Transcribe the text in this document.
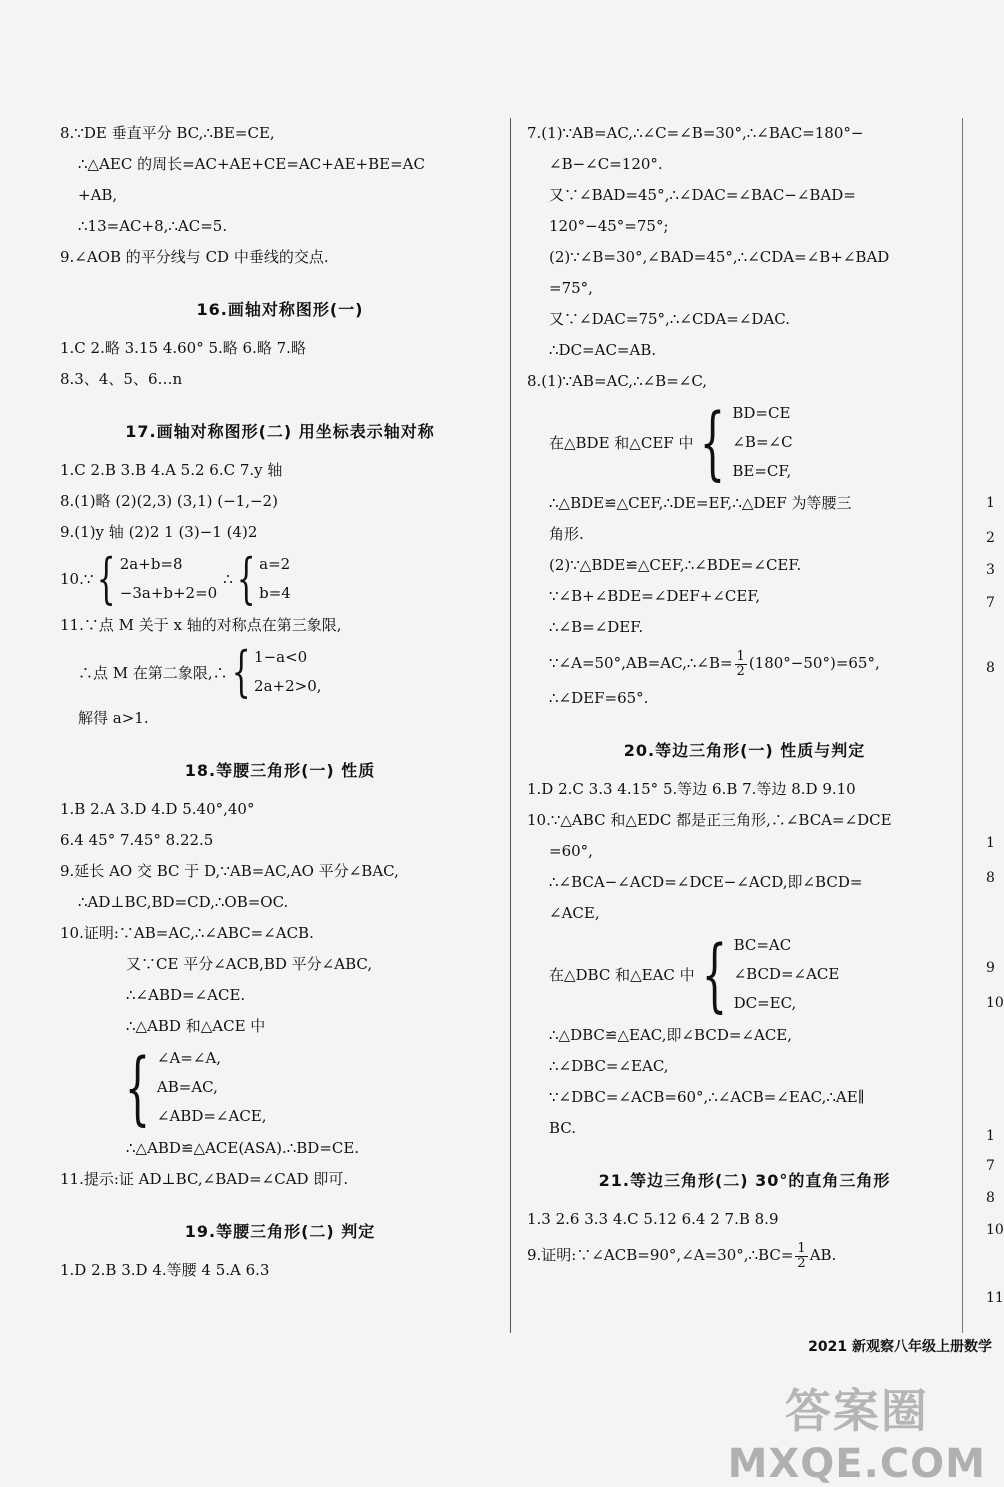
8.∵DE 垂直平分 BC,∴BE=CE,
∴△AEC 的周长=AC+AE+CE=AC+AE+BE=AC
+AB,
∴13=AC+8,∴AC=5.
9.∠AOB 的平分线与 CD 中垂线的交点.
16.画轴对称图形(一)
1.C 2.略 3.15 4.60° 5.略 6.略 7.略
8.3、4、5、6…n
17.画轴对称图形(二) 用坐标表示轴对称
1.C 2.B 3.B 4.A 5.2 6.C 7.y 轴
8.(1)略 (2)(2,3) (3,1) (−1,−2)
9.(1)y 轴 (2)2 1 (3)−1 (4)2
10.∵ { 2a+b=8
−3a+b+2=0
∴ { a=2
b=4
11.∵点 M 关于 x 轴的对称点在第三象限,
∴点 M 在第二象限,∴ { 1−a<0
2a+2>0,
解得 a>1.
18.等腰三角形(一) 性质
1.B 2.A 3.D 4.D 5.40°,40°
6.4 45° 7.45° 8.22.5
9.延长 AO 交 BC 于 D,∵AB=AC,AO 平分∠BAC,
∴AD⊥BC,BD=CD,∴OB=OC.
10.证明:∵AB=AC,∴∠ABC=∠ACB.
又∵CE 平分∠ACB,BD 平分∠ABC,
∴∠ABD=∠ACE.
∴△ABD 和△ACE 中
{ ∠A=∠A,
AB=AC,
∠ABD=∠ACE,
∴△ABD≌△ACE(ASA).∴BD=CE.
11.提示:证 AD⊥BC,∠BAD=∠CAD 即可.
19.等腰三角形(二) 判定
1.D 2.B 3.D 4.等腰 4 5.A 6.3
7.(1)∵AB=AC,∴∠C=∠B=30°,∴∠BAC=180°−
∠B−∠C=120°.
又∵∠BAD=45°,∴∠DAC=∠BAC−∠BAD=
120°−45°=75°;
(2)∵∠B=30°,∠BAD=45°,∴∠CDA=∠B+∠BAD
=75°,
又∵∠DAC=75°,∴∠CDA=∠DAC.
∴DC=AC=AB.
8.(1)∵AB=AC,∴∠B=∠C,
在△BDE 和△CEF 中 { BD=CE
∠B=∠C
BE=CF,
∴△BDE≌△CEF,∴DE=EF,∴△DEF 为等腰三
角形.
(2)∵△BDE≌△CEF,∴∠BDE=∠CEF.
∵∠B+∠BDE=∠DEF+∠CEF,
∴∠B=∠DEF.
∵∠A=50°,AB=AC,∴∠B= $\frac{1}{2} (180^\circ-50^\circ)=65^\circ$,
∴∠DEF=65°.
20.等边三角形(一) 性质与判定
1.D 2.C 3.3 4.15° 5.等边 6.B 7.等边 8.D 9.10
10.∵△ABC 和△EDC 都是正三角形,∴∠BCA=∠DCE
=60°,
∴∠BCA−∠ACD=∠DCE−∠ACD,即∠BCD=
∠ACE,
在△DBC 和△EAC 中 { BC=AC
∠BCD=∠ACE
DC=EC,
∴△DBC≌△EAC,即∠BCD=∠ACE,
∴∠DBC=∠EAC,
∵∠DBC=∠ACB=60°,∴∠ACB=∠EAC,∴AE∥
BC.
21.等边三角形(二) 30°的直角三角形
1.3 2.6 3.3 4.C 5.12 6.4 2 7.B 8.9
9.证明:∵∠ACB=90°,∠A=30°,∴BC= $\frac{1}{2}$ AB.
1
2
3
7
8
1
8
9
10
1
7
8
10
11
2021 新观察八年级上册数学
答案圈
MXQE.COM
